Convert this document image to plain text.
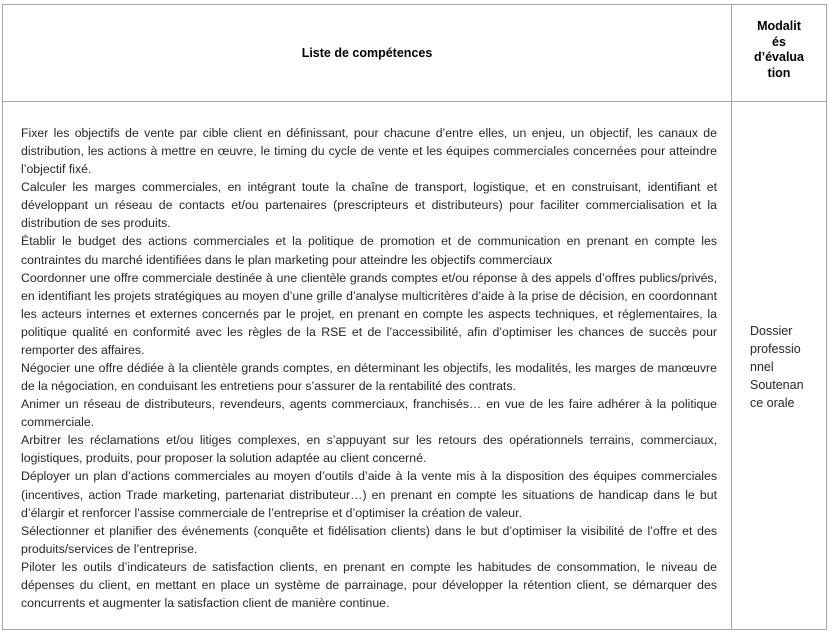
Liste de compétences
Modalit
és
d’évalua
tion

Fixer les objectifs de vente par cible client en définissant, pour chacune d’entre elles, un enjeu, un objectif, les canaux de distribution, les actions à mettre en œuvre, le timing du cycle de vente et les équipes commerciales concernées pour atteindre l’objectif fixé.

Calculer les marges commerciales, en intégrant toute la chaîne de transport, logistique, et en construisant, identifiant et développant un réseau de contacts et/ou partenaires (prescripteurs et distributeurs) pour faciliter commercialisation et la distribution de ses produits.

Établir le budget des actions commerciales et la politique de promotion et de communication en prenant en compte les contraintes du marché identifiées dans le plan marketing pour atteindre les objectifs commerciaux

Coordonner une offre commerciale destinée à une clientèle grands comptes et/ou réponse à des appels d’offres publics/privés, en identifiant les projets stratégiques au moyen d’une grille d’analyse multicritères d’aide à la prise de décision, en coordonnant les acteurs internes et externes concernés par le projet, en prenant en compte les aspects techniques, et réglementaires, la politique qualité en conformité avec les règles de la RSE et de l’accessibilité, afin d’optimiser les chances de succès pour remporter des affaires.

Négocier une offre dédiée à la clientèle grands comptes, en déterminant les objectifs, les modalités, les marges de manœuvre de la négociation, en conduisant les entretiens pour s’assurer de la rentabilité des contrats.

Animer un réseau de distributeurs, revendeurs, agents commerciaux, franchisés… en vue de les faire adhérer à la politique commerciale.

Arbitrer les réclamations et/ou litiges complexes, en s’appuyant sur les retours des opérationnels terrains, commerciaux, logistiques, produits, pour proposer la solution adaptée au client concerné.

Déployer un plan d’actions commerciales au moyen d’outils d’aide à la vente mis à la disposition des équipes commerciales (incentives, action Trade marketing, partenariat distributeur…) en prenant en compte les situations de handicap dans le but d’élargir et renforcer l’assise commerciale de l’entreprise et d’optimiser la création de valeur.

Sélectionner et planifier des événements (conquête et fidélisation clients) dans le but d’optimiser la visibilité de l’offre et des produits/services de l’entreprise.

Piloter les outils d’indicateurs de satisfaction clients, en prenant en compte les habitudes de consommation, le niveau de dépenses du client, en mettant en place un système de parrainage, pour développer la rétention client, se démarquer des concurrents et augmenter la satisfaction client de manière continue.

Dossier
professio
nnel
Soutenan
ce orale
